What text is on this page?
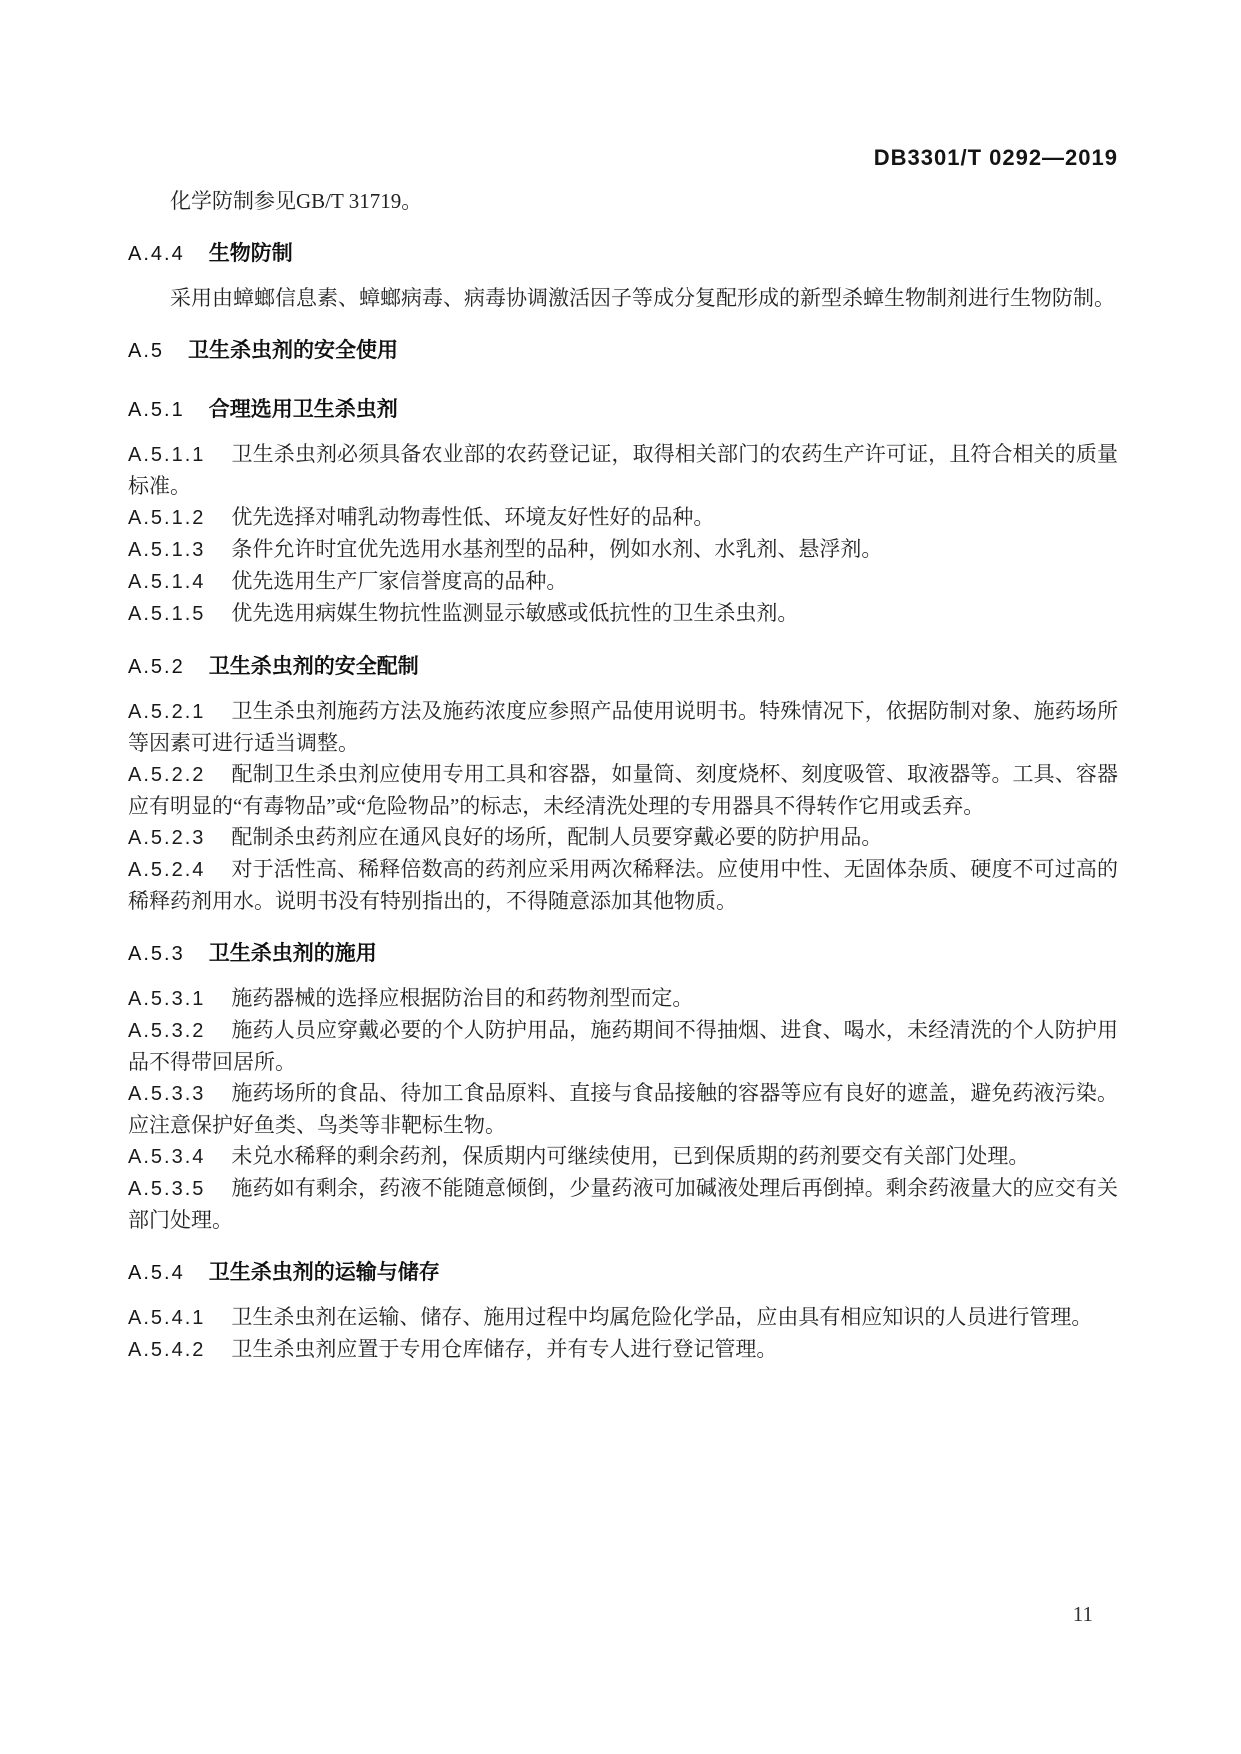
DB3301/T 0292—2019

化学防制参见GB/T 31719。

A.4.4 生物防制

采用由蟑螂信息素、蟑螂病毒、病毒协调激活因子等成分复配形成的新型杀蟑生物制剂进行生物防制。

A.5 卫生杀虫剂的安全使用
A.5.1 合理选用卫生杀虫剂

A.5.1.1 卫生杀虫剂必须具备农业部的农药登记证，取得相关部门的农药生产许可证，且符合相关的质量标准。

A.5.1.2 优先选择对哺乳动物毒性低、环境友好性好的品种。

A.5.1.3 条件允许时宜优先选用水基剂型的品种，例如水剂、水乳剂、悬浮剂。

A.5.1.4 优先选用生产厂家信誉度高的品种。

A.5.1.5 优先选用病媒生物抗性监测显示敏感或低抗性的卫生杀虫剂。

A.5.2 卫生杀虫剂的安全配制

A.5.2.1 卫生杀虫剂施药方法及施药浓度应参照产品使用说明书。特殊情况下，依据防制对象、施药场所等因素可进行适当调整。

A.5.2.2 配制卫生杀虫剂应使用专用工具和容器，如量筒、刻度烧杯、刻度吸管、取液器等。工具、容器应有明显的“有毒物品”或“危险物品”的标志，未经清洗处理的专用器具不得转作它用或丢弃。

A.5.2.3 配制杀虫药剂应在通风良好的场所，配制人员要穿戴必要的防护用品。

A.5.2.4 对于活性高、稀释倍数高的药剂应采用两次稀释法。应使用中性、无固体杂质、硬度不可过高的稀释药剂用水。说明书没有特别指出的，不得随意添加其他物质。

A.5.3 卫生杀虫剂的施用

A.5.3.1 施药器械的选择应根据防治目的和药物剂型而定。

A.5.3.2 施药人员应穿戴必要的个人防护用品，施药期间不得抽烟、进食、喝水，未经清洗的个人防护用品不得带回居所。

A.5.3.3 施药场所的食品、待加工食品原料、直接与食品接触的容器等应有良好的遮盖，避免药液污染。应注意保护好鱼类、鸟类等非靶标生物。

A.5.3.4 未兑水稀释的剩余药剂，保质期内可继续使用，已到保质期的药剂要交有关部门处理。

A.5.3.5 施药如有剩余，药液不能随意倾倒，少量药液可加碱液处理后再倒掉。剩余药液量大的应交有关部门处理。

A.5.4 卫生杀虫剂的运输与储存

A.5.4.1 卫生杀虫剂在运输、储存、施用过程中均属危险化学品，应由具有相应知识的人员进行管理。

A.5.4.2 卫生杀虫剂应置于专用仓库储存，并有专人进行登记管理。

11
